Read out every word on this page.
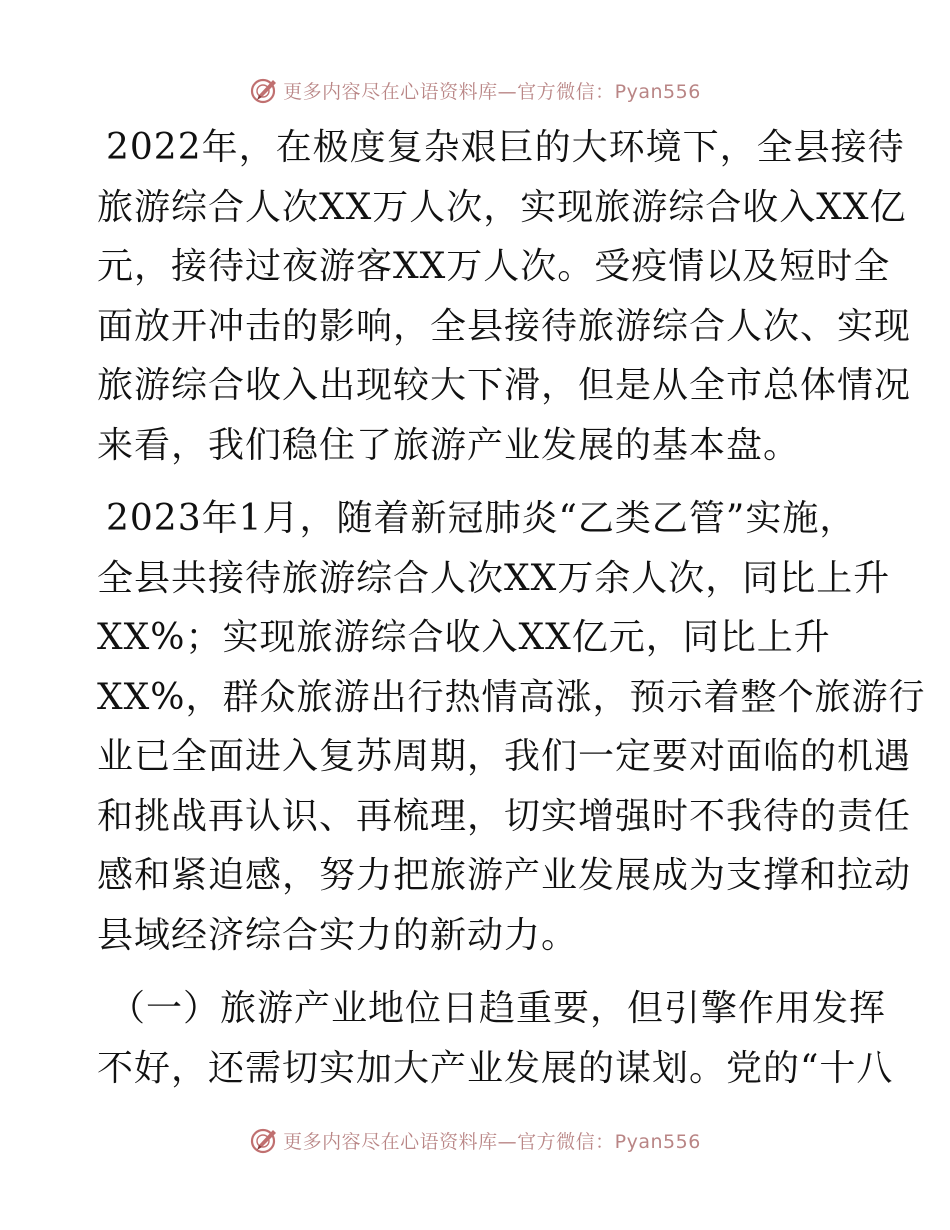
更多内容尽在心语资料库—官方微信：Pyan556
2022年，在极度复杂艰巨的大环境下，全县接待
旅游综合人次XX万人次，实现旅游综合收入XX亿
元，接待过夜游客XX万人次。受疫情以及短时全
面放开冲击的影响，全县接待旅游综合人次、实现
旅游综合收入出现较大下滑，但是从全市总体情况
来看，我们稳住了旅游产业发展的基本盘。
2023年1月，随着新冠肺炎“乙类乙管”实施，
全县共接待旅游综合人次XX万余人次，同比上升
XX%；实现旅游综合收入XX亿元，同比上升
XX%，群众旅游出行热情高涨，预示着整个旅游行
业已全面进入复苏周期，我们一定要对面临的机遇
和挑战再认识、再梳理，切实增强时不我待的责任
感和紧迫感，努力把旅游产业发展成为支撑和拉动
县域经济综合实力的新动力。
（一）旅游产业地位日趋重要，但引擎作用发挥
不好，还需切实加大产业发展的谋划。党的“十八
更多内容尽在心语资料库—官方微信：Pyan556
